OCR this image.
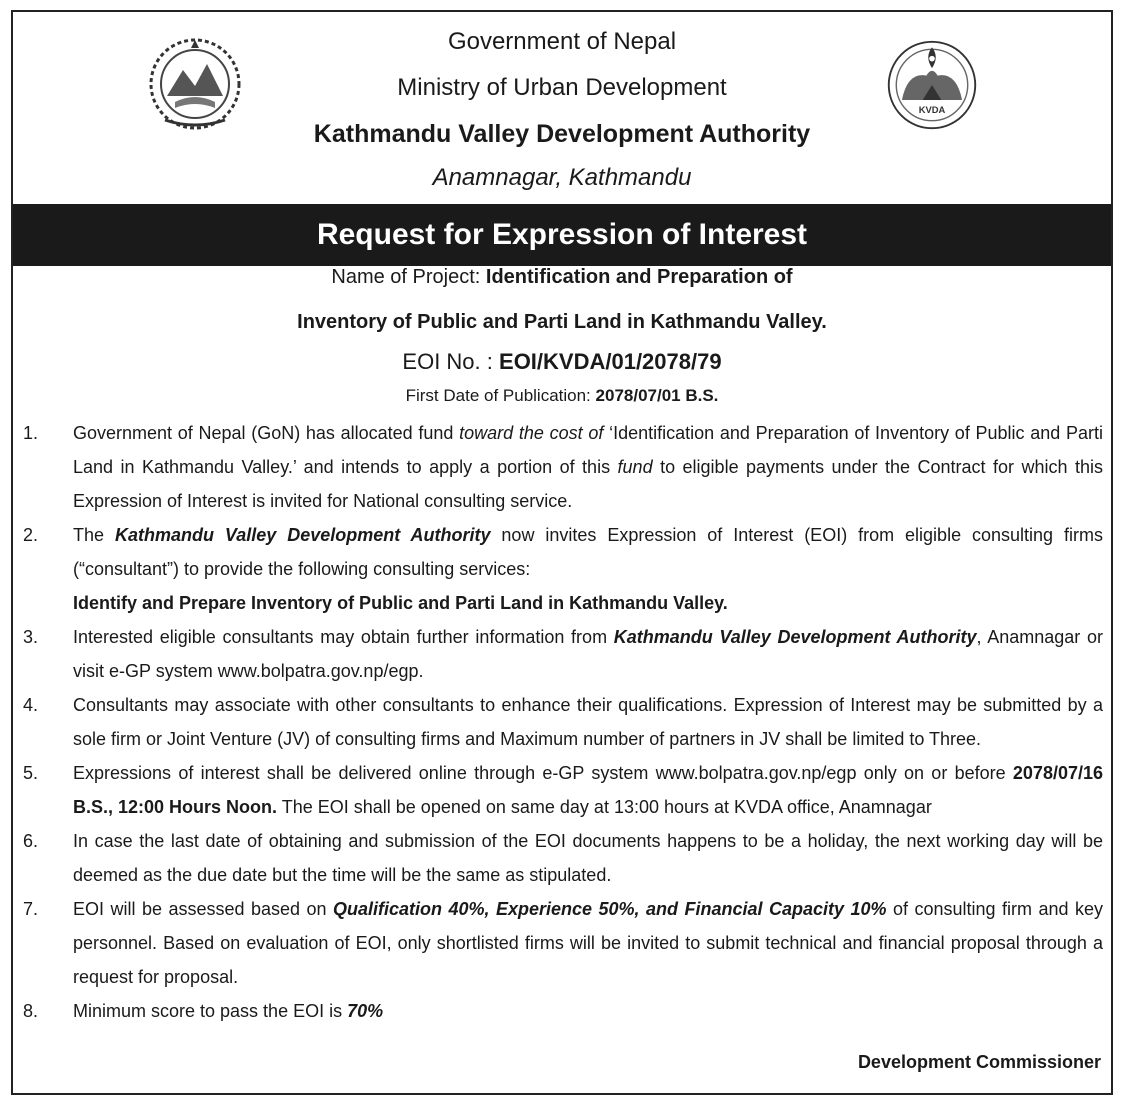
Government of Nepal
Ministry of Urban Development
Kathmandu Valley Development Authority
Anamnagar, Kathmandu
KVDA
Request for Expression of Interest
Name of Project: Identification and Preparation of
Inventory of Public and Parti Land in Kathmandu Valley.
EOI No. : EOI/KVDA/01/2078/79
First Date of Publication: 2078/07/01 B.S.
1. Government of Nepal (GoN) has allocated fund toward the cost of ‘Identification and Preparation of Inventory of Public and Parti Land in Kathmandu Valley.’ and intends to apply a portion of this fund to eligible payments under the Contract for which this Expression of Interest is invited for National consulting service.
2. The Kathmandu Valley Development Authority now invites Expression of Interest (EOI) from eligible consulting firms (“consultant”) to provide the following consulting services:
Identify and Prepare Inventory of Public and Parti Land in Kathmandu Valley.
3. Interested eligible consultants may obtain further information from Kathmandu Valley Development Authority, Anamnagar or visit e-GP system www.bolpatra.gov.np/egp.
4. Consultants may associate with other consultants to enhance their qualifications. Expression of Interest may be submitted by a sole firm or Joint Venture (JV) of consulting firms and Maximum number of partners in JV shall be limited to Three.
5. Expressions of interest shall be delivered online through e-GP system www.bolpatra.gov.np/egp only on or before 2078/07/16 B.S., 12:00 Hours Noon. The EOI shall be opened on same day at 13:00 hours at KVDA office, Anamnagar
6. In case the last date of obtaining and submission of the EOI documents happens to be a holiday, the next working day will be deemed as the due date but the time will be the same as stipulated.
7. EOI will be assessed based on Qualification 40%, Experience 50%, and Financial Capacity 10% of consulting firm and key personnel. Based on evaluation of EOI, only shortlisted firms will be invited to submit technical and financial proposal through a request for proposal.
8. Minimum score to pass the EOI is 70%
Development Commissioner
